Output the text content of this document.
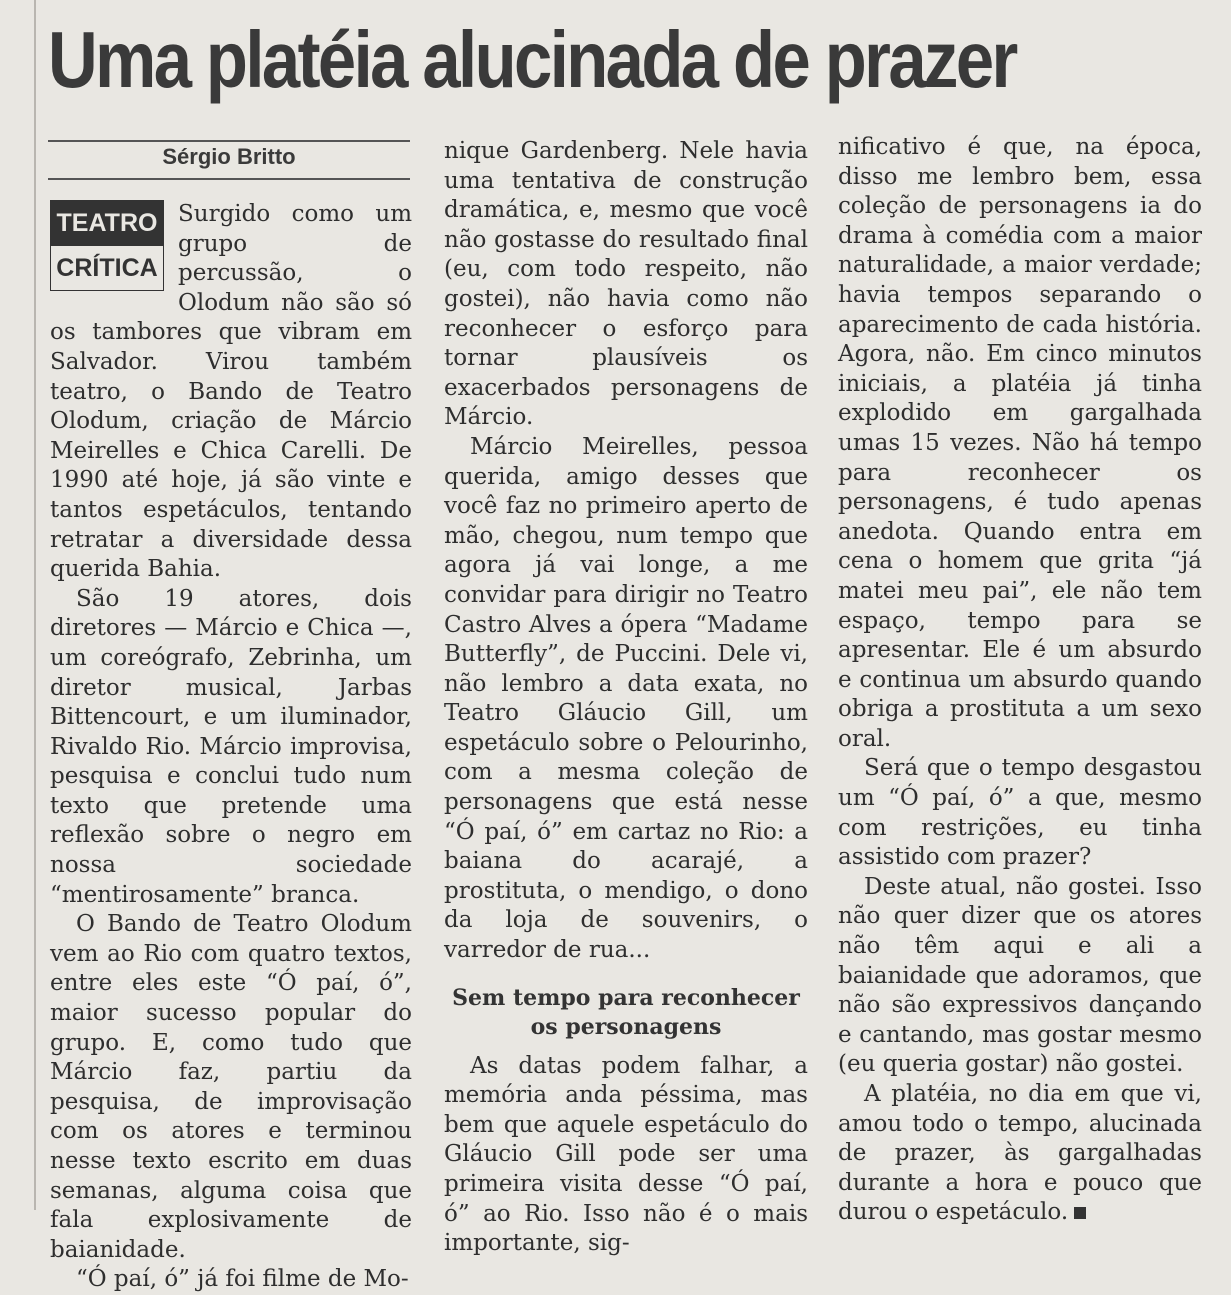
Uma platéia alucinada de prazer
Sérgio Britto
TEATRO
CRÍTICA

Surgido como um grupo de percussão, o Olodum não são só os tambores que vibram em Salvador. Virou também teatro, o Bando de Teatro Olodum, criação de Márcio Meirelles e Chica Carelli. De 1990 até hoje, já são vinte e tantos espetáculos, tentando retratar a diversidade dessa querida Bahia.

São 19 atores, dois diretores — Márcio e Chica —, um coreógrafo, Zebrinha, um diretor musical, Jarbas Bittencourt, e um iluminador, Rivaldo Rio. Márcio improvisa, pesquisa e conclui tudo num texto que pretende uma reflexão sobre o negro em nossa sociedade “mentirosamente” branca.

O Bando de Teatro Olodum vem ao Rio com quatro textos, entre eles este “Ó paí, ó”, maior sucesso popular do grupo. E, como tudo que Márcio faz, partiu da pesquisa, de improvisação com os atores e terminou nesse texto escrito em duas semanas, alguma coisa que fala explosivamente de baianidade.

“Ó paí, ó” já foi filme de Mo-

nique Gardenberg. Nele havia uma tentativa de construção dramática, e, mesmo que você não gostasse do resultado final (eu, com todo respeito, não gostei), não havia como não reconhecer o esforço para tornar plausíveis os exacerbados personagens de Márcio.

Márcio Meirelles, pessoa querida, amigo desses que você faz no primeiro aperto de mão, chegou, num tempo que agora já vai longe, a me convidar para dirigir no Teatro Castro Alves a ópera “Madame Butterfly”, de Puccini. Dele vi, não lembro a data exata, no Teatro Gláucio Gill, um espetáculo sobre o Pelourinho, com a mesma coleção de personagens que está nesse “Ó paí, ó” em cartaz no Rio: a baiana do acarajé, a prostituta, o mendigo, o dono da loja de souvenirs, o varredor de rua...

Sem tempo para reconhecer os personagens

As datas podem falhar, a memória anda péssima, mas bem que aquele espetáculo do Gláucio Gill pode ser uma primeira visita desse “Ó paí, ó” ao Rio. Isso não é o mais importante, sig-

nificativo é que, na época, disso me lembro bem, essa coleção de personagens ia do drama à comédia com a maior naturalidade, a maior verdade; havia tempos separando o aparecimento de cada história. Agora, não. Em cinco minutos iniciais, a platéia já tinha explodido em gargalhada umas 15 vezes. Não há tempo para reconhecer os personagens, é tudo apenas anedota. Quando entra em cena o homem que grita “já matei meu pai”, ele não tem espaço, tempo para se apresentar. Ele é um absurdo e continua um absurdo quando obriga a prostituta a um sexo oral.

Será que o tempo desgastou um “Ó paí, ó” a que, mesmo com restrições, eu tinha assistido com prazer?

Deste atual, não gostei. Isso não quer dizer que os atores não têm aqui e ali a baianidade que adoramos, que não são expressivos dançando e cantando, mas gostar mesmo (eu queria gostar) não gostei.

A platéia, no dia em que vi, amou todo o tempo, alucinada de prazer, às gargalhadas durante a hora e pouco que durou o espetáculo.
